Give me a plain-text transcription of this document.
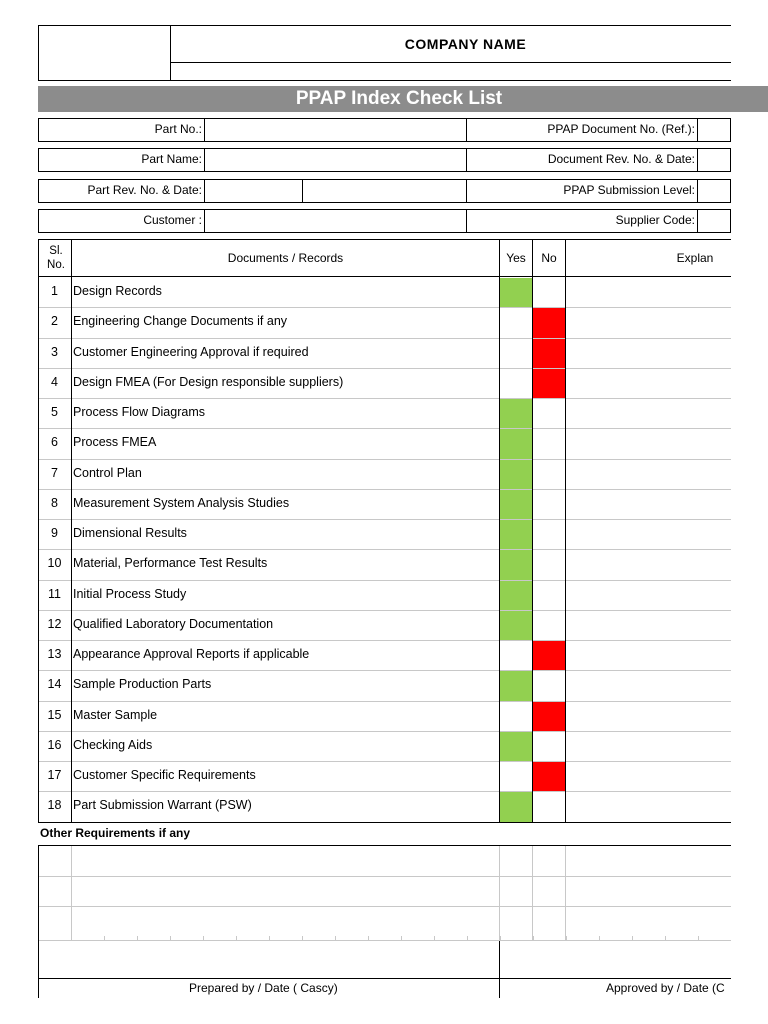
COMPANY NAME
PPAP Index Check List
Part No.:	PPAP Document No. (Ref.):
Part Name:	Document Rev. No. & Date:
Part Rev. No. & Date:	PPAP Submission Level:
Customer :	Supplier Code:
Sl. No.	Documents / Records	Yes	No	Explan
1	Design Records
2	Engineering Change Documents if any
3	Customer Engineering Approval if required
4	Design FMEA (For Design responsible suppliers)
5	Process Flow Diagrams
6	Process FMEA
7	Control Plan
8	Measurement System Analysis Studies
9	Dimensional Results
10 Material, Performance Test Results
11 Initial Process Study
12 Qualified Laboratory Documentation
13 Appearance Approval Reports if applicable
14 Sample Production Parts
15 Master Sample
16 Checking Aids
17 Customer Specific Requirements
18 Part Submission Warrant (PSW)
Other Requirements if any
Prepared by / Date ( Cascy)	Approved by / Date (C
